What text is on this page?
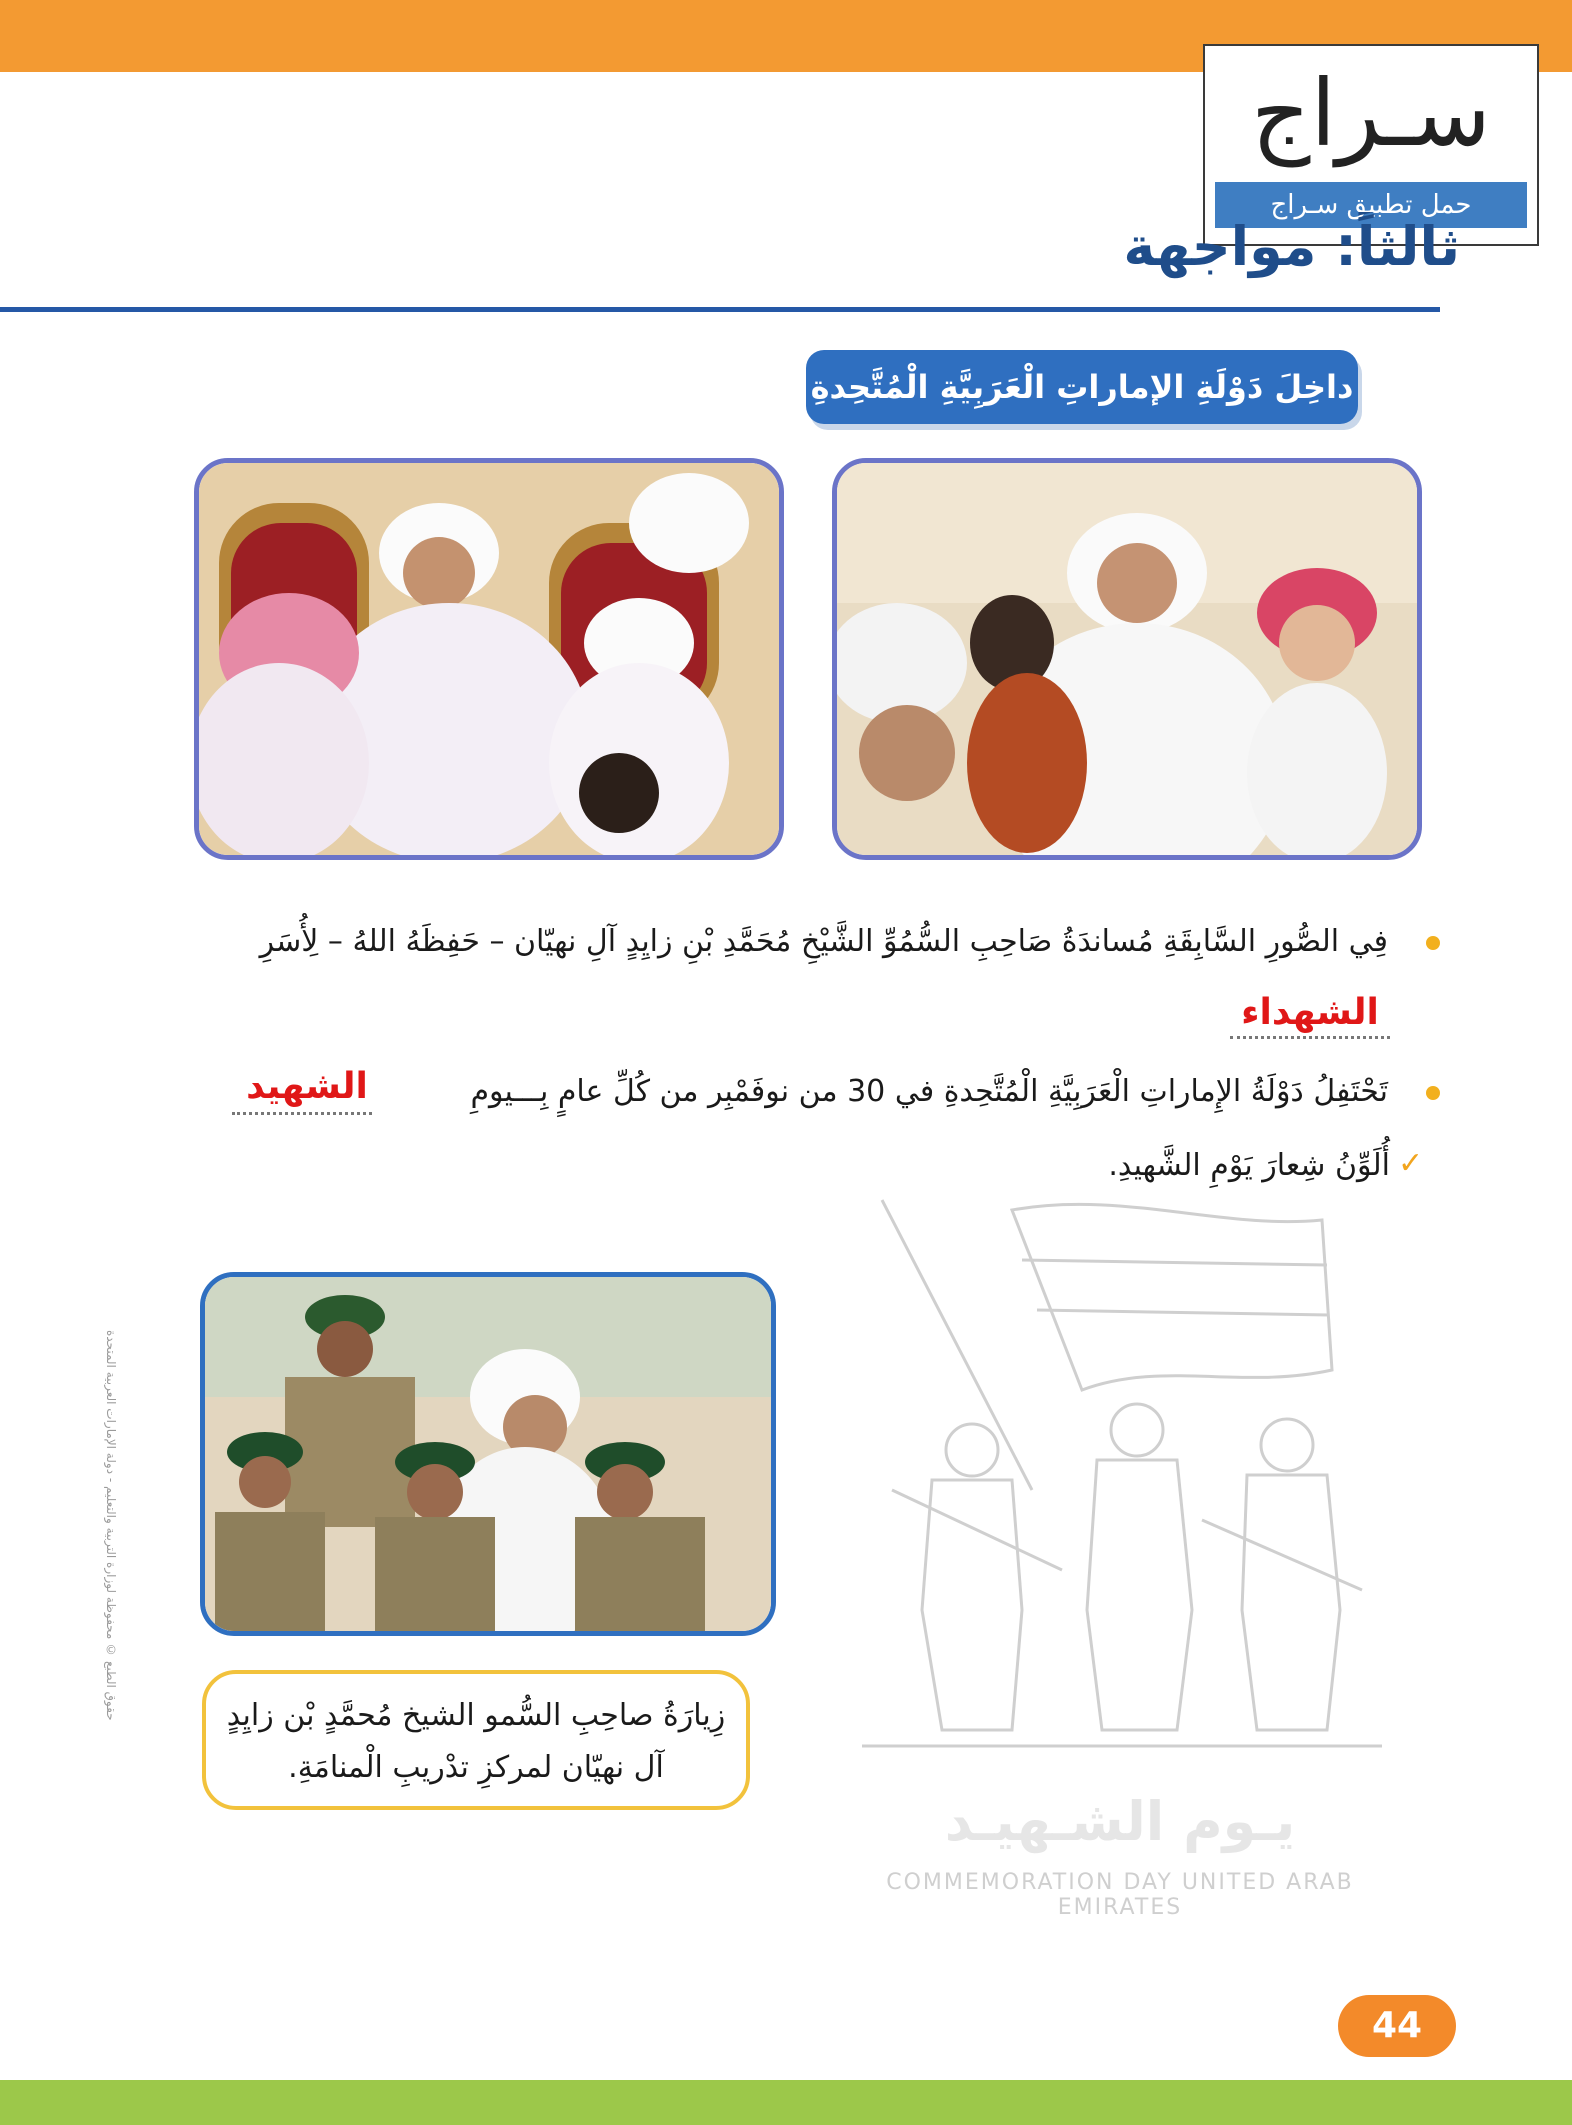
سـراج
حمل تطبيق سـراج
ثالثاً: مواجهة
داخِلَ دَوْلَةِ الإماراتِ الْعَرَبِيَّةِ الْمُتَّحِدةِ
فِي الصُّورِ السَّابِقَةِ مُساندَةُ صَاحِبِ السُّمُوِّ الشَّيْخِ مُحَمَّدِ بْنِ زايِدٍ آلِ نهيّان – حَفِظَهُ اللهُ – لِأُسَرِ
الشهداء
تَحْتَفِلُ دَوْلَةُ الإِماراتِ الْعَرَبِيَّةِ الْمُتَّحِدةِ في 30 من نوفَمْبِر من كُلِّ عامٍ بِـــيومِ
الشهيد
✓
أُلَوِّنُ شِعارَ يَوْمِ الشَّهيدِ.
زِيارَةُ صاحِبِ السُّمو الشيخ مُحمَّدٍ بْن زايِدٍ
آل نهيّان لمركزِ تدْريبِ الْمنامَةِ.
حقوق الطبع © محفوظة لوزارة التربية والتعليم - دولة الإمارات العربية المتحدة
يـوم الشـهيـد
COMMEMORATION DAY UNITED ARAB EMIRATES
44
